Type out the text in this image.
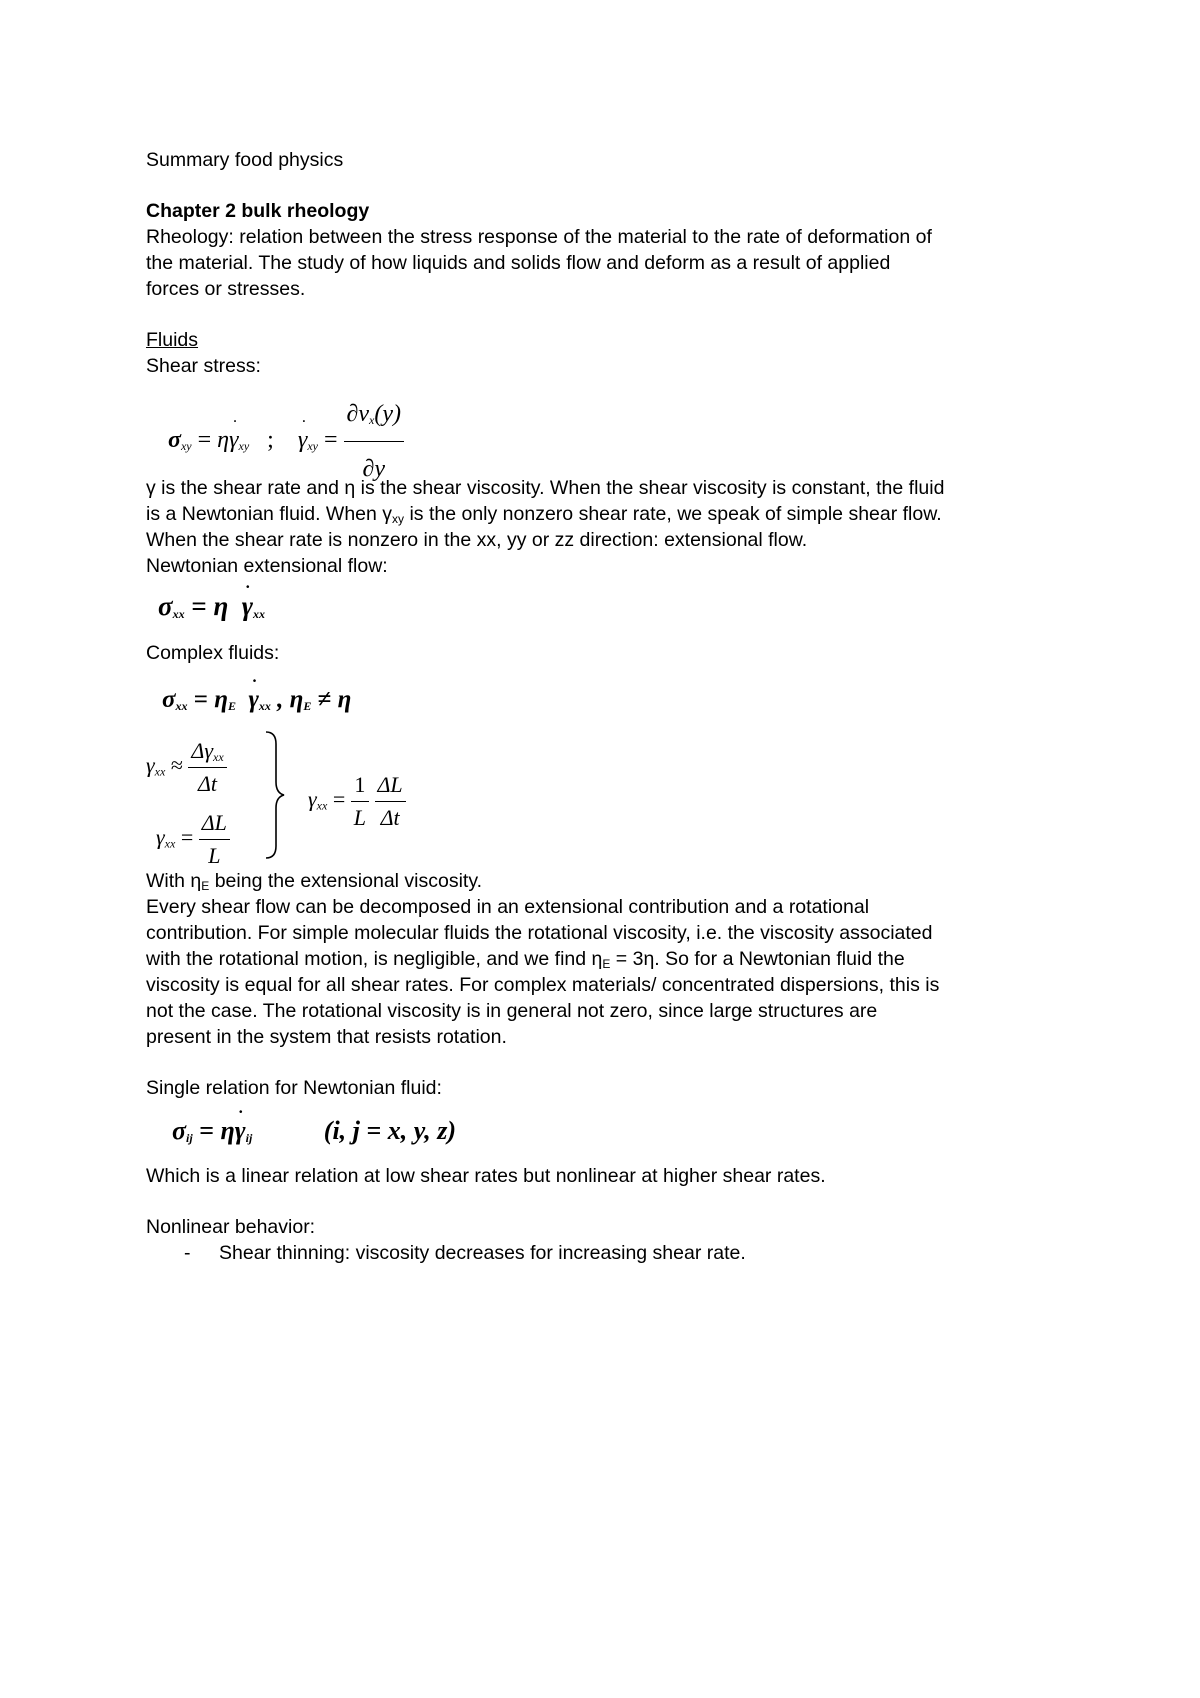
Summary food physics
Chapter 2 bulk rheology
Rheology: relation between the stress response of the material to the rate of deformation of
the material. The study of how liquids and solids flow and deform as a result of applied
forces or stresses.
Fluids
Shear stress:
$\sigma_{xy} = \eta\gamma$ $˙_{xy}$ ; γ $˙_{xy} = \frac{\partial v_x(y)}{\partial y}$
γ is the shear rate and η is the shear viscosity. When the shear viscosity is constant, the fluid
is a Newtonian fluid. When $\gamma_{xy}$ is the only nonzero shear rate, we speak of simple shear flow.
When the shear rate is nonzero in the xx, yy or zz direction: extensional flow.
Newtonian extensional flow:
$\sigma_{xx} = \eta$ γ $˙_{xx}$
Complex fluids:
$\sigma_{xx} = \eta_E$ γ $˙_{xx}$ , $\eta_E \ne \eta$
$\gamma_{xx} \approx \frac{\Delta\gamma_{xx}}{\Delta t}$
$\gamma_{xx} = \frac{\Delta L}{L}$
$\gamma_{xx} = \frac{1}{L}$
$\frac{\Delta L}{\Delta t}$
With $\eta_E$ being the extensional viscosity.
Every shear flow can be decomposed in an extensional contribution and a rotational
contribution. For simple molecular fluids the rotational viscosity, i.e. the viscosity associated
with the rotational motion, is negligible, and we find $\eta_E = 3\eta$. So for a Newtonian fluid the
viscosity is equal for all shear rates. For complex materials/ concentrated dispersions, this is
not the case. The rotational viscosity is in general not zero, since large structures are
present in the system that resists rotation.
Single relation for Newtonian fluid:
$\sigma_{ij} = \eta\gamma$ $˙_{ij}$	(i, j = x, y, z)
Which is a linear relation at low shear rates but nonlinear at higher shear rates.
Nonlinear behavior:
- Shear thinning: viscosity decreases for increasing shear rate.
